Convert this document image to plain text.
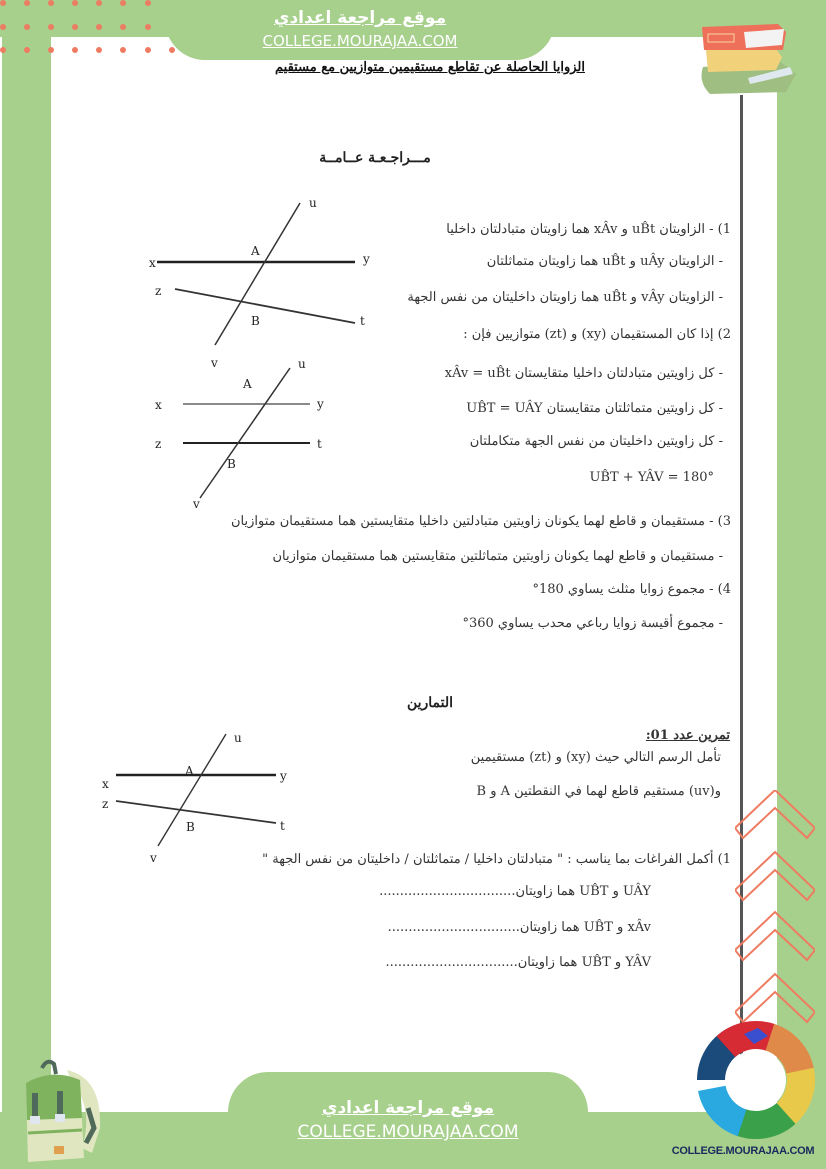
موقع مراجعة اعدادي
COLLEGE.MOURAJAA.COM
الزوايا الحاصلة عن تقاطع مستقيمين متوازيين مع مستقيم
مـــراجـعـة عــامــة
x	y
z
t
u
v
A
B
x	y
z	t
u
v
A
B
1) - الزاويتان uB̂t و xÂv هما زاويتان متبادلتان داخليا
- الزاويتان uÂy و uB̂t هما زاويتان متماثلتان
- الزاويتان vÂy و uB̂t هما زاويتان داخليتان من نفس الجهة
2) إذا كان المستقيمان (xy) و (zt) متوازيين فإن :
- كل زاويتين متبادلتان داخليا متقايستان xÂv = uB̂t
- كل زاويتين متماثلتان متقايستان UB̂T = UÂY
- كل زاويتين داخليتان من نفس الجهة متكاملتان
UB̂T + YÂV = 180°
3) - مستقيمان و قاطع لهما يكونان زاويتين متبادلتين داخليا متقايستين هما مستقيمان متوازيان
- مستقيمان و قاطع لهما يكونان زاويتين متماثلتين متقايستين هما مستقيمان متوازيان
4) - مجموع زوايا مثلث يساوي 180°
- مجموع أقيسة زوايا رباعي محدب يساوي 360°
التمارين
تمرين عدد 01:
تأمل الرسم التالي حيث (xy) و (zt) مستقيمين
و(uv) مستقيم قاطع لهما في النقطتين A و B
x
y
z
t
u
v
A
B
1) أكمل الفراغات بما يناسب : " متبادلتان داخليا / متماثلتان / داخليتان من نفس الجهة "
UÂY و UB̂T هما زاويتان.................................
xÂv و UB̂T هما زاويتان................................
YÂV و UB̂T هما زاويتان................................
COLLEGE.MOURAJAA.COM
موقع مراجعة اعدادي
COLLEGE.MOURAJAA.COM
